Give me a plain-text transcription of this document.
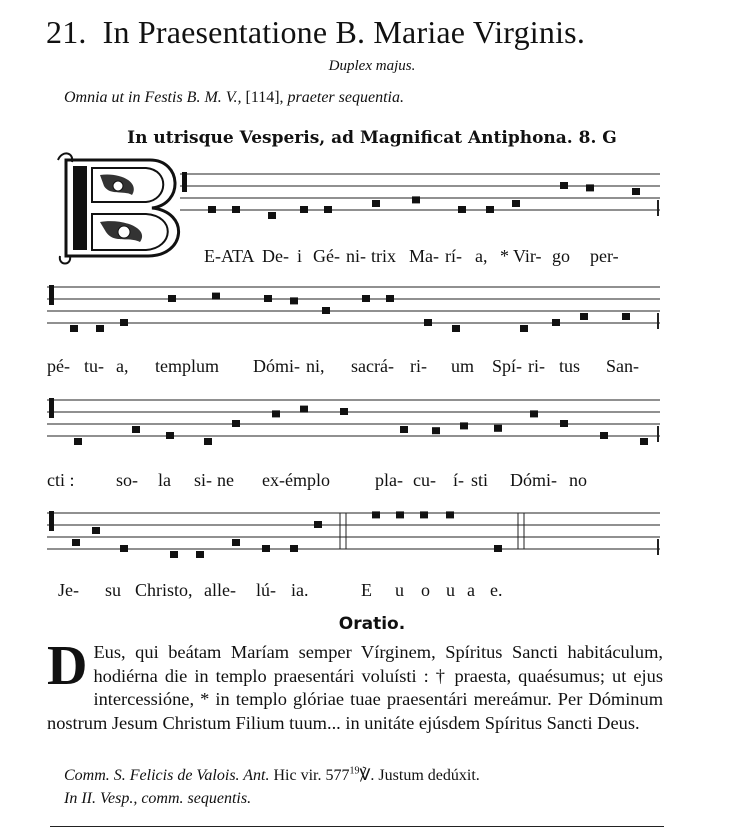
21. In Praesentatione B. Mariae Virginis.
Duplex majus.
Omnia ut in Festis B. M. V., [114], praeter sequentia.
In utrisque Vesperis, ad Magnificat Antiphona. 8. G
E-ATA De- i Gé- ni- trix Ma- rí- a, * Vir- go per-
pé- tu- a, templum Dómi- ni, sacrá- ri- um Spí- ri- tus San-
cti : so- la si- ne ex-émplo	pla- cu- í- sti Dómi- no
Je- su Christo, alle- lú- ia.	E u o u a e.
Oratio.
D Eus, qui beátam Maríam semper Vírginem, Spíritus Sancti habitáculum, hodiérna die in templo praesentári voluísti : † praesta, quaésumus; ut ejus intercessióne, * in templo glóriae tuae praesentári mereámur. Per Dóminum nostrum Jesum Christum Filium tuum... in unitáte ejúsdem Spíritus Sancti Deus.

Comm. S. Felicis de Valois. Ant. Hic vir. $577^{19}℣$. Justum dedúxit.
In II. Vesp., comm. sequentis.
